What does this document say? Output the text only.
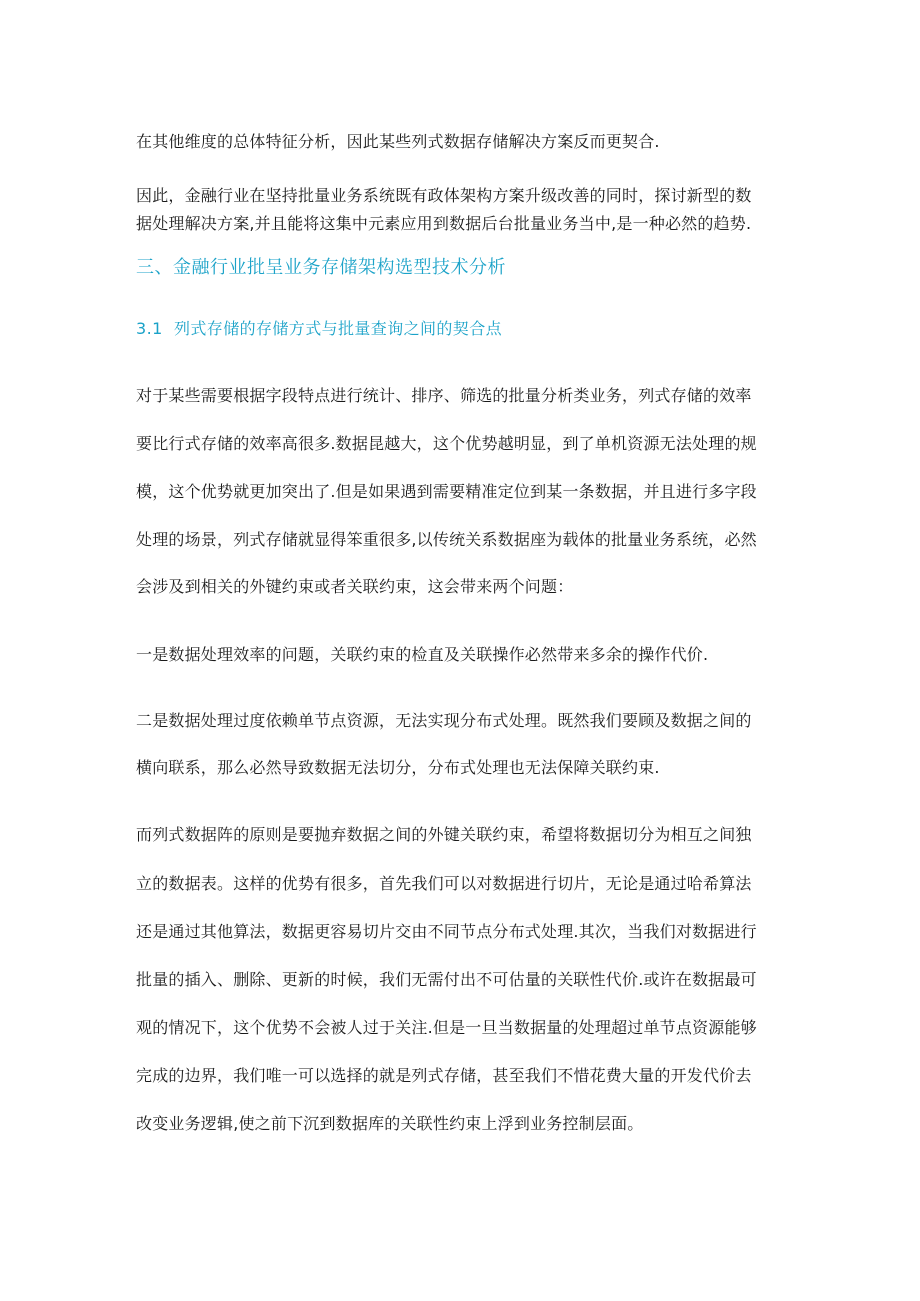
在其他维度的总体特征分析，因此某些列式数据存储解决方案反而更契合.
因此，金融行业在坚持批量业务系统既有政体架构方案升级改善的同时，探讨新型的数
据处理解决方案,并且能将这集中元素应用到数据后台批量业务当中,是一种必然的趋势.
三、金融行业批呈业务存储架构选型技术分析
3.1 列式存储的存储方式与批量查询之间的契合点
对于某些需要根据字段特点进行统计、排序、筛选的批量分析类业务，列式存储的效率
要比行式存储的效率高很多.数据昆越大，这个优势越明显，到了单机资源无法处理的规
模，这个优势就更加突出了.但是如果遇到需要精准定位到某一条数据，并且进行多字段
处理的场景，列式存储就显得笨重很多,以传统关系数据座为载体的批量业务系统，必然
会涉及到相关的外键约束或者关联约束，这会带来两个问题：
一是数据处理效率的问题，关联约束的检直及关联操作必然带来多余的操作代价.
二是数据处理过度依赖单节点资源，无法实现分布式处理。既然我们要顾及数据之间的
横向联系，那么必然导致数据无法切分，分布式处理也无法保障关联约束.
而列式数据阵的原则是要抛弃数据之间的外键关联约束，希望将数据切分为相互之间独
立的数据表。这样的优势有很多，首先我们可以对数据进行切片，无论是通过哈希算法
还是通过其他算法，数据更容易切片交由不同节点分布式处理.其次，当我们对数据进行
批量的插入、删除、更新的时候，我们无需付出不可估量的关联性代价.或许在数据最可
观的情况下，这个优势不会被人过于关注.但是一旦当数据量的处理超过单节点资源能够
完成的边界，我们唯一可以选择的就是列式存储，甚至我们不惜花费大量的开发代价去
改变业务逻辑,使之前下沉到数据库的关联性约束上浮到业务控制层面。
